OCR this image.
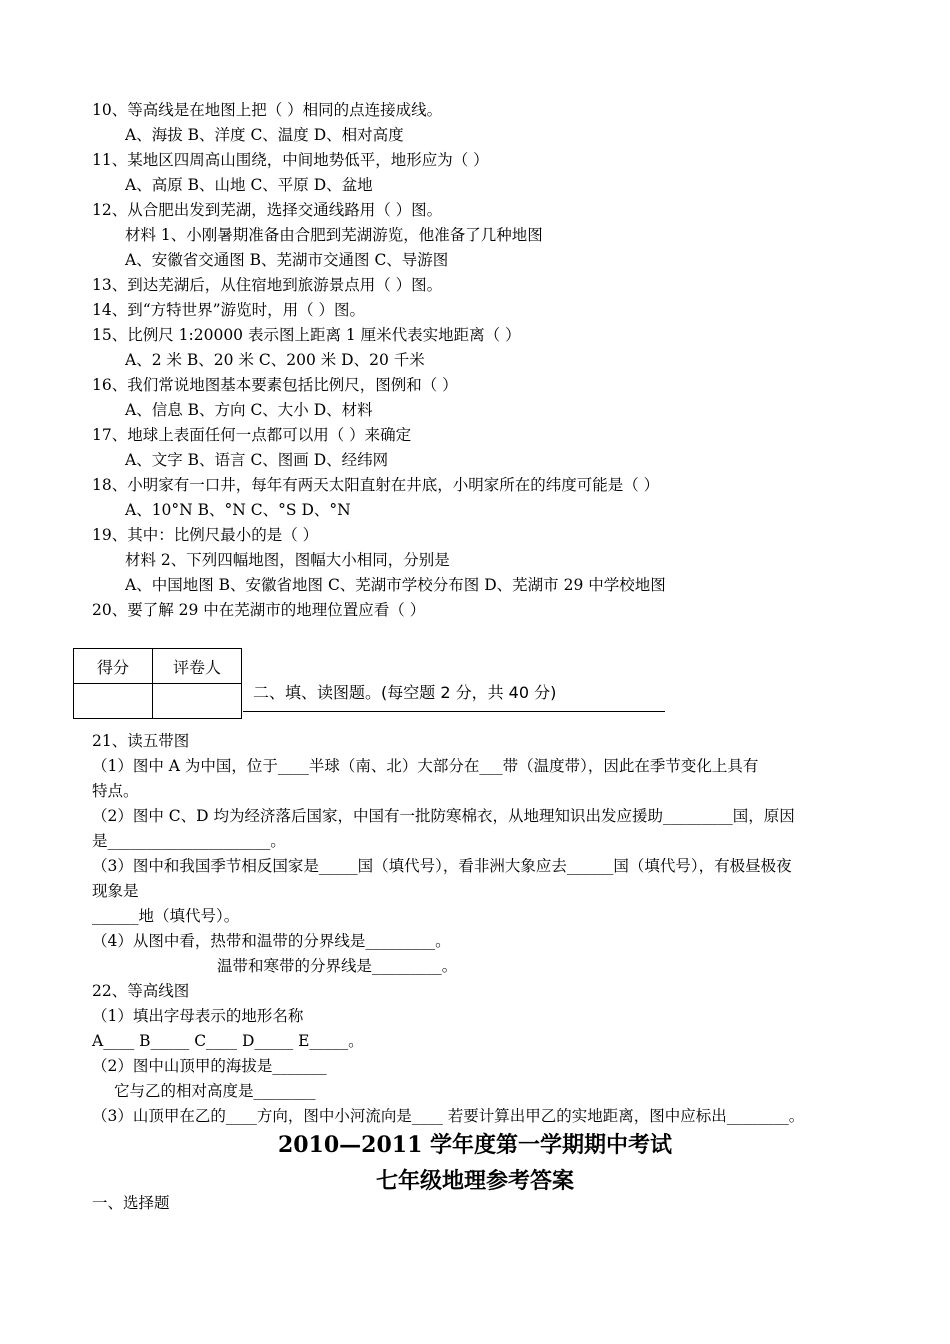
10、等高线是在地图上把（ ）相同的点连接成线。
A、海拔 B、洋度 C、温度 D、相对高度
11、某地区四周高山围绕，中间地势低平，地形应为（ ）
A、高原 B、山地 C、平原 D、盆地
12、从合肥出发到芜湖，选择交通线路用（ ）图。
材料 1、小刚暑期准备由合肥到芜湖游览，他准备了几种地图
A、安徽省交通图 B、芜湖市交通图 C、导游图
13、到达芜湖后，从住宿地到旅游景点用（ ）图。
14、到“方特世界”游览时，用（ ）图。
15、比例尺 1:20000 表示图上距离 1 厘米代表实地距离（ ）
A、2 米 B、20 米 C、200 米 D、20 千米
16、我们常说地图基本要素包括比例尺，图例和（ ）
A、信息 B、方向 C、大小 D、材料
17、地球上表面任何一点都可以用（ ）来确定
A、文字 B、语言 C、图画 D、经纬网
18、小明家有一口井，每年有两天太阳直射在井底，小明家所在的纬度可能是（ ）
A、10°N B、°N C、°S D、°N
19、其中：比例尺最小的是（ ）
材料 2、下列四幅地图，图幅大小相同，分别是
A、中国地图 B、安徽省地图 C、芜湖市学校分布图 D、芜湖市 29 中学校地图
20、要了解 29 中在芜湖市的地理位置应看（ ）
得分	评卷人

二、填、读图题。(每空题 2 分，共 40 分)
21、读五带图
（1）图中 A 为中国，位于____半球（南、北）大部分在___带（温度带），因此在季节变化上具有
特点。
（2）图中 C、D 均为经济落后国家，中国有一批防寒棉衣，从地理知识出发应援助_________国，原因
是_____________________。
（3）图中和我国季节相反国家是_____国（填代号），看非洲大象应去______国（填代号），有极昼极夜
现象是
______地（填代号）。
（4）从图中看，热带和温带的分界线是_________。
温带和寒带的分界线是_________。
22、等高线图
（1）填出字母表示的地形名称
A____ B_____ C____ D_____ E_____。
（2）图中山顶甲的海拔是_______
它与乙的相对高度是________
（3）山顶甲在乙的____方向，图中小河流向是____ 若要计算出甲乙的实地距离，图中应标出________。
2010—2011 学年度第一学期期中考试
七年级地理参考答案
一、选择题
